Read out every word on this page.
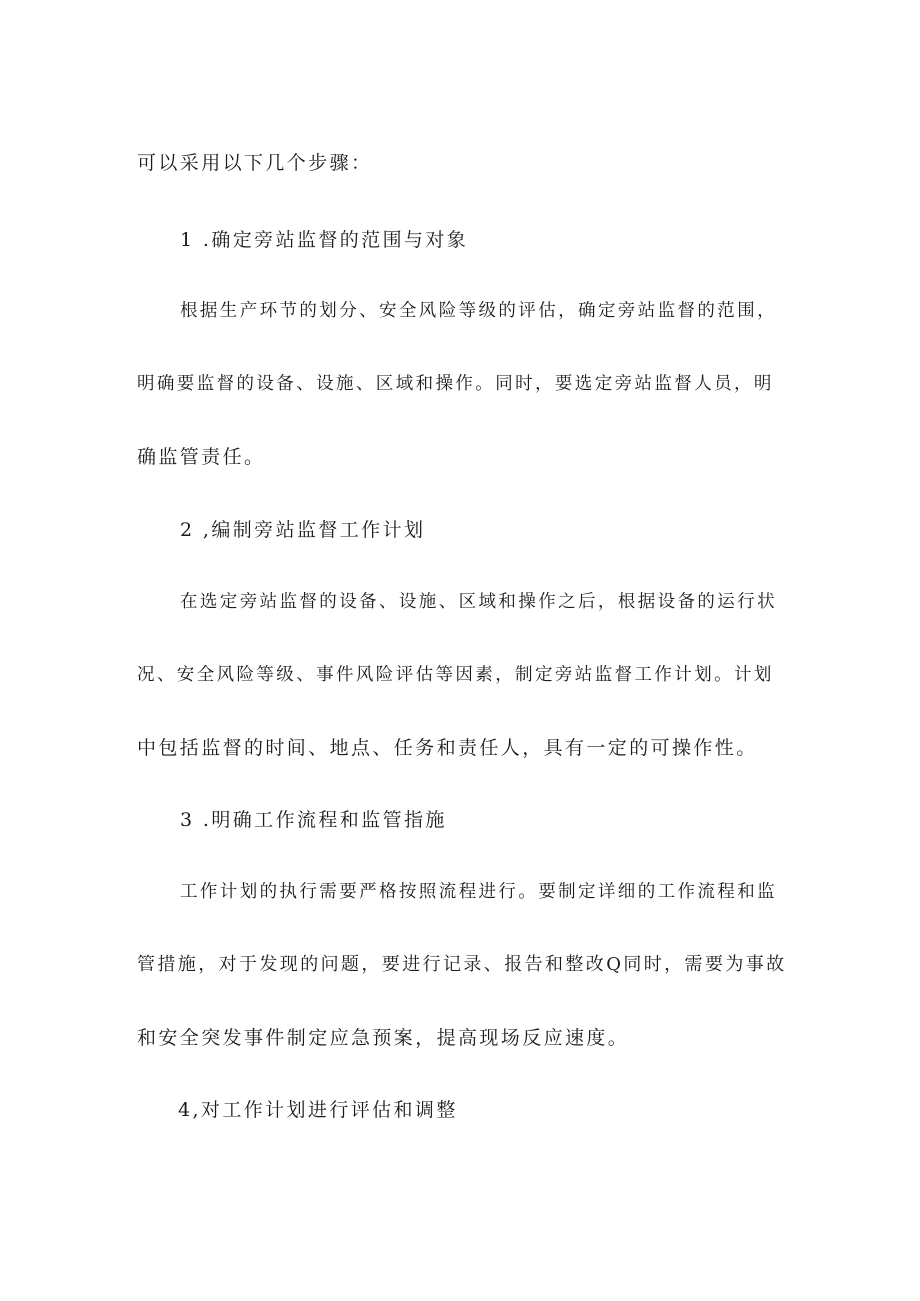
可以采用以下几个步骤：

1 .确定旁站监督的范围与对象

根据生产环节的划分、安全风险等级的评估，确定旁站监督的范围，

明确要监督的设备、设施、区域和操作。同时，要选定旁站监督人员，明

确监管责任。

2 ,编制旁站监督工作计划

在选定旁站监督的设备、设施、区域和操作之后，根据设备的运行状

况、安全风险等级、事件风险评估等因素，制定旁站监督工作计划。计划

中包括监督的时间、地点、任务和责任人，具有一定的可操作性。

3 .明确工作流程和监管指施

工作计划的执行需要严格按照流程进行。要制定详细的工作流程和监

管措施，对于发现的问题，要进行记录、报告和整改Q同时，需要为事故

和安全突发事件制定应急预案，提高现场反应速度。

4,对工作计划进行评估和调整
